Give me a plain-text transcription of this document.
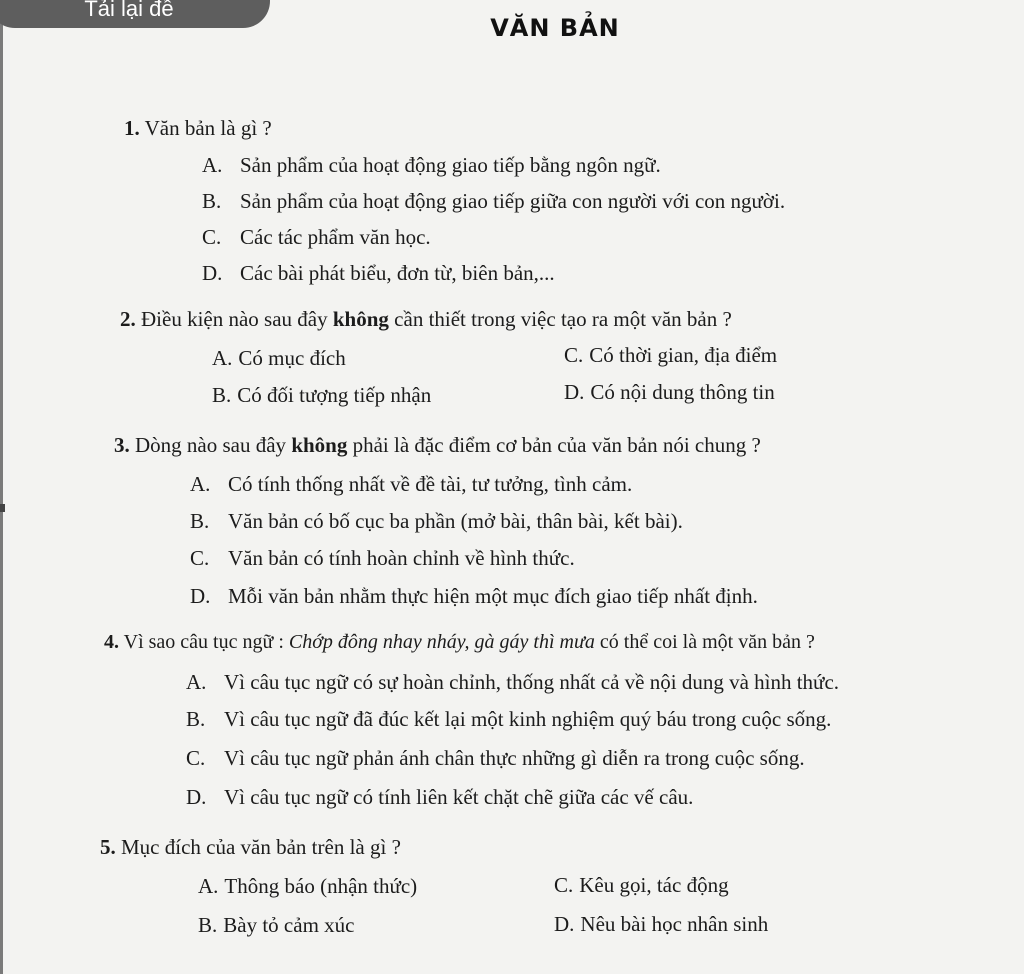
Tải lại đề
VĂN BẢN
1. Văn bản là gì ?
A. Sản phẩm của hoạt động giao tiếp bằng ngôn ngữ.
B. Sản phẩm của hoạt động giao tiếp giữa con người với con người.
C. Các tác phẩm văn học.
D. Các bài phát biểu, đơn từ, biên bản,...
2. Điều kiện nào sau đây không cần thiết trong việc tạo ra một văn bản ?
A. Có mục đích	C. Có thời gian, địa điểm
B. Có đối tượng tiếp nhận	D. Có nội dung thông tin
3. Dòng nào sau đây không phải là đặc điểm cơ bản của văn bản nói chung ?
A. Có tính thống nhất về đề tài, tư tưởng, tình cảm.
B. Văn bản có bố cục ba phần (mở bài, thân bài, kết bài).
C. Văn bản có tính hoàn chỉnh về hình thức.
D. Mỗi văn bản nhằm thực hiện một mục đích giao tiếp nhất định.
4. Vì sao câu tục ngữ : Chớp đông nhay nháy, gà gáy thì mưa có thể coi là một văn bản ?
A. Vì câu tục ngữ có sự hoàn chỉnh, thống nhất cả về nội dung và hình thức.
B. Vì câu tục ngữ đã đúc kết lại một kinh nghiệm quý báu trong cuộc sống.
C. Vì câu tục ngữ phản ánh chân thực những gì diễn ra trong cuộc sống.
D. Vì câu tục ngữ có tính liên kết chặt chẽ giữa các vế câu.
5. Mục đích của văn bản trên là gì ?
A. Thông báo (nhận thức)	C. Kêu gọi, tác động
B. Bày tỏ cảm xúc	D. Nêu bài học nhân sinh
